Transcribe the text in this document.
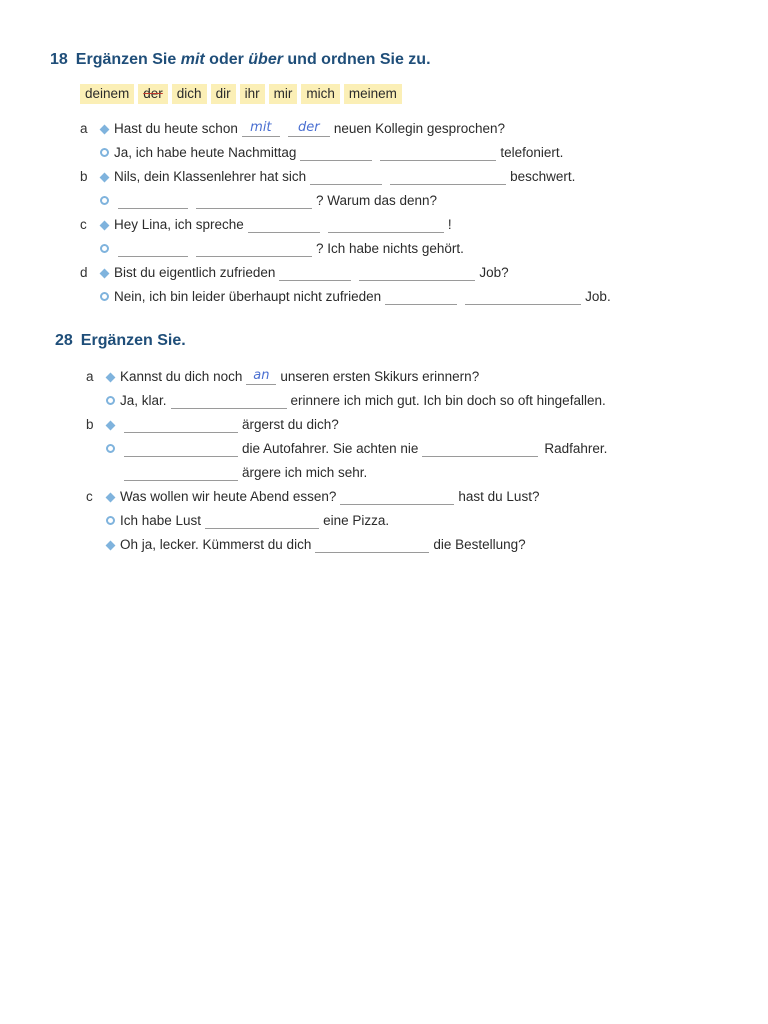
18 Ergänzen Sie mit oder über und ordnen Sie zu.
deinem	der	dich	dir	ihr	mir	mich	meinem
a	Hast du heute schon mit	der	neuen Kollegin gesprochen?
Ja, ich habe heute Nachmittag	telefoniert.
b	Nils, dein Klassenlehrer hat sich	beschwert.
? Warum das denn?
c	Hey Lina, ich spreche	!
? Ich habe nichts gehört.
d	Bist du eigentlich zufrieden	Job?
Nein, ich bin leider überhaupt nicht zufrieden	Job.
28 Ergänzen Sie.
a	Kannst du dich noch an unseren ersten Skikurs erinnern?
Ja, klar.	erinnere ich mich gut. Ich bin doch so oft hingefallen.
b	ärgerst du dich?
die Autofahrer. Sie achten nie	Radfahrer.
ärgere ich mich sehr.
c	Was wollen wir heute Abend essen?	hast du Lust?
Ich habe Lust	eine Pizza.
Oh ja, lecker. Kümmerst du dich	die Bestellung?
